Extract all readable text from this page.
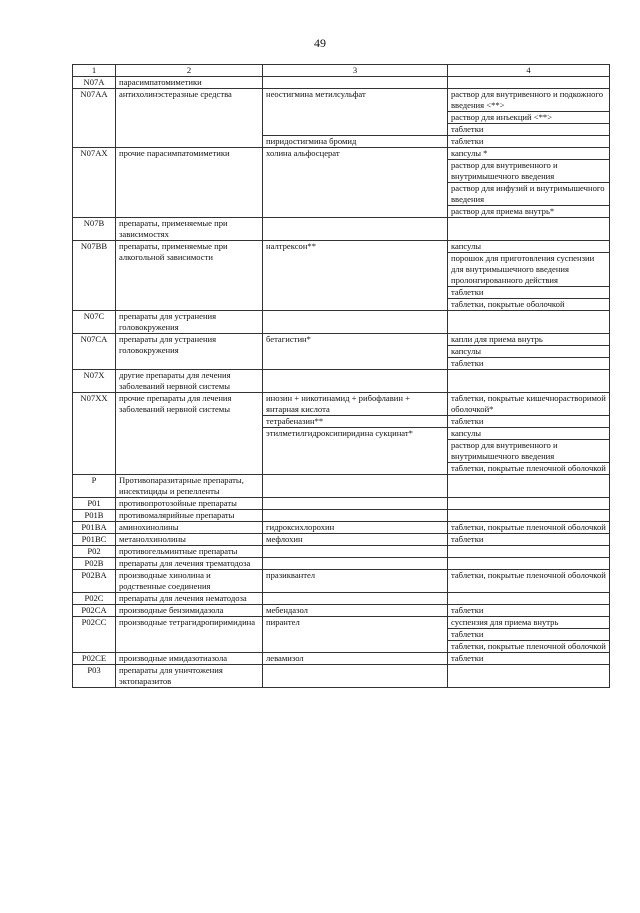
49
1	2	3	4
N07A	парасимпатомиметики		
N07AA	антихолинэстеразные средства	неостигмина метилсульфат	раствор для внутривенного и подкожного введения <**>
раствор для инъекций <**>
таблетки

		пиридостигмина бромид	таблетки

N07AX	прочие парасимпатомиметики	холина альфосцерат	капсулы *
раствор для внутривенного и внутримышечного введения
раствор для инфузий и внутримышечного введения
раствор для приема внутрь*

N07B	препараты, применяемые при зависимостях		
N07BB	препараты, применяемые при алкогольной зависимости	налтрексон**	капсулы
порошок для приготовления суспензии для внутримышечного введения пролонгированного действия
таблетки
таблетки, покрытые оболочкой

N07C	препараты для устранения головокружения		
N07CA	препараты для устранения головокружения	бетагистин*	капли для приема внутрь
капсулы
таблетки

N07X	другие препараты для лечения заболеваний нервной системы		
N07XX	прочие препараты для лечения заболеваний нервной системы	инозин + никотинамид + рибофлавин + янтарная кислота	таблетки, покрытые кишечнорастворимой оболочкой*

		тетрабеназин**	таблетки

		этилметилгидроксипиридина сукцинат*	капсулы
раствор для внутривенного и внутримышечного введения
таблетки, покрытые пленочной оболочкой

P	Противопаразитарные препараты, инсектициды и репелленты		
P01	противопротозойные препараты		
P01B	противомалярийные препараты		
P01BA	аминохинолины	гидроксихлорохин	таблетки, покрытые пленочной оболочкой

P01BC	метанолхинолины	мефлохин	таблетки

P02	противогельминтные препараты		
P02B	препараты для лечения трематодоза		
P02BA	производные хинолина и родственные соединения	празиквантел	таблетки, покрытые пленочной оболочкой

P02C	препараты для лечения нематодоза		
P02CA	производные бензимидазола	мебендазол	таблетки

P02CC	производные тетрагидропиримидина	пирантел	суспензия для приема внутрь
таблетки
таблетки, покрытые пленочной оболочкой

P02CE	производные имидазотиазола	левамизол	таблетки

P03	препараты для уничтожения эктопаразитов		
